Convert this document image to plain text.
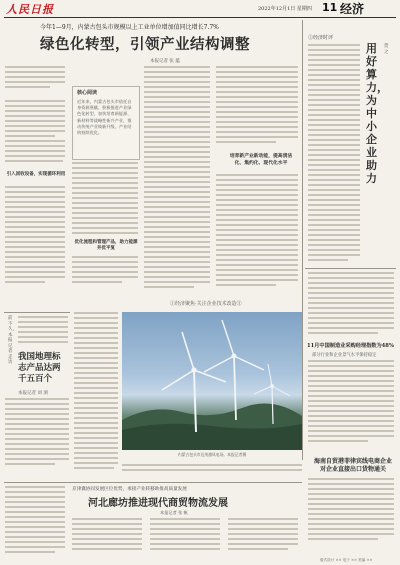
人民日报	2022年12月1日 星期四 11 经济
今年1—9月，内蒙古包头市规模以上工业单位增加值同比增长7.7%
绿色化转型，引领产业结构调整
本报记者 张 蕴
引入回收设备，实现循环利用
核心阅读
近年来，内蒙古包头市依托自身资源禀赋，积极推进产业绿色化转型，加快培育新能源、新材料等战略性新兴产业，推动传统产业焕新升级，产业结构持续优化。
优化流程和管理产品，助力能源并优平复
培育新产业新动能，提高清洁化、集约化、现代化水平
①经济聚焦·关注企业技术改造③
②经济时评
用好算力，为中小企业助力
贺 之
前不久，本报记者走访
我国地理标志产品达两千五百个
本报记者 刘 浏
内蒙古包头市达茂旗风电场。本报记者摄
11月中国制造业采购经理指数为48%
部分行业和企业景气水平保持稳定
海南自贸港菲律宾线电商企业对企业直接出口货物通关
京津冀协同发展区位优势，承接产业转移助推高质量发展
河北廊坊推进现代商贸物流发展
本报记者 张 帆
版式设计 ×× 电子 ×× 美编 ××
